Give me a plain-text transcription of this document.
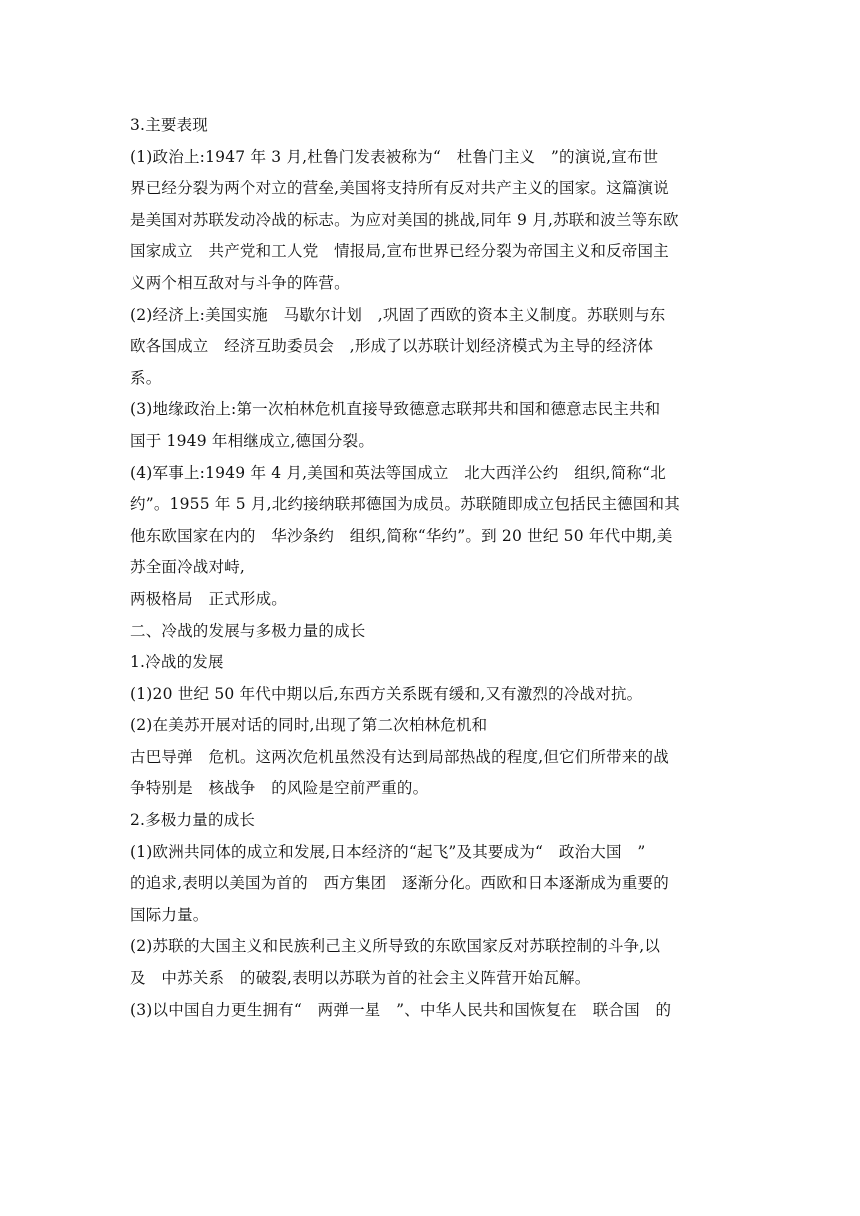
3.主要表现
(1)政治上:1947 年 3 月,杜鲁门发表被称为“　杜鲁门主义　”的演说,宣布世
界已经分裂为两个对立的营垒,美国将支持所有反对共产主义的国家。这篇演说
是美国对苏联发动冷战的标志。为应对美国的挑战,同年 9 月,苏联和波兰等东欧
国家成立　共产党和工人党　情报局,宣布世界已经分裂为帝国主义和反帝国主
义两个相互敌对与斗争的阵营。
(2)经济上:美国实施　马歇尔计划　,巩固了西欧的资本主义制度。苏联则与东
欧各国成立　经济互助委员会　,形成了以苏联计划经济模式为主导的经济体
系。
(3)地缘政治上:第一次柏林危机直接导致德意志联邦共和国和德意志民主共和
国于 1949 年相继成立,德国分裂。
(4)军事上:1949 年 4 月,美国和英法等国成立　北大西洋公约　组织,简称“北
约”。1955 年 5 月,北约接纳联邦德国为成员。苏联随即成立包括民主德国和其
他东欧国家在内的　华沙条约　组织,简称“华约”。到 20 世纪 50 年代中期,美
苏全面冷战对峙,
两极格局　正式形成。
二、冷战的发展与多极力量的成长
1.冷战的发展
(1)20 世纪 50 年代中期以后,东西方关系既有缓和,又有激烈的冷战对抗。
(2)在美苏开展对话的同时,出现了第二次柏林危机和
古巴导弹　危机。这两次危机虽然没有达到局部热战的程度,但它们所带来的战
争特别是　核战争　的风险是空前严重的。
2.多极力量的成长
(1)欧洲共同体的成立和发展,日本经济的“起飞”及其要成为“　政治大国　”
的追求,表明以美国为首的　西方集团　逐渐分化。西欧和日本逐渐成为重要的
国际力量。
(2)苏联的大国主义和民族利己主义所导致的东欧国家反对苏联控制的斗争,以
及　中苏关系　的破裂,表明以苏联为首的社会主义阵营开始瓦解。
(3)以中国自力更生拥有“　两弹一星　”、中华人民共和国恢复在　联合国　的
